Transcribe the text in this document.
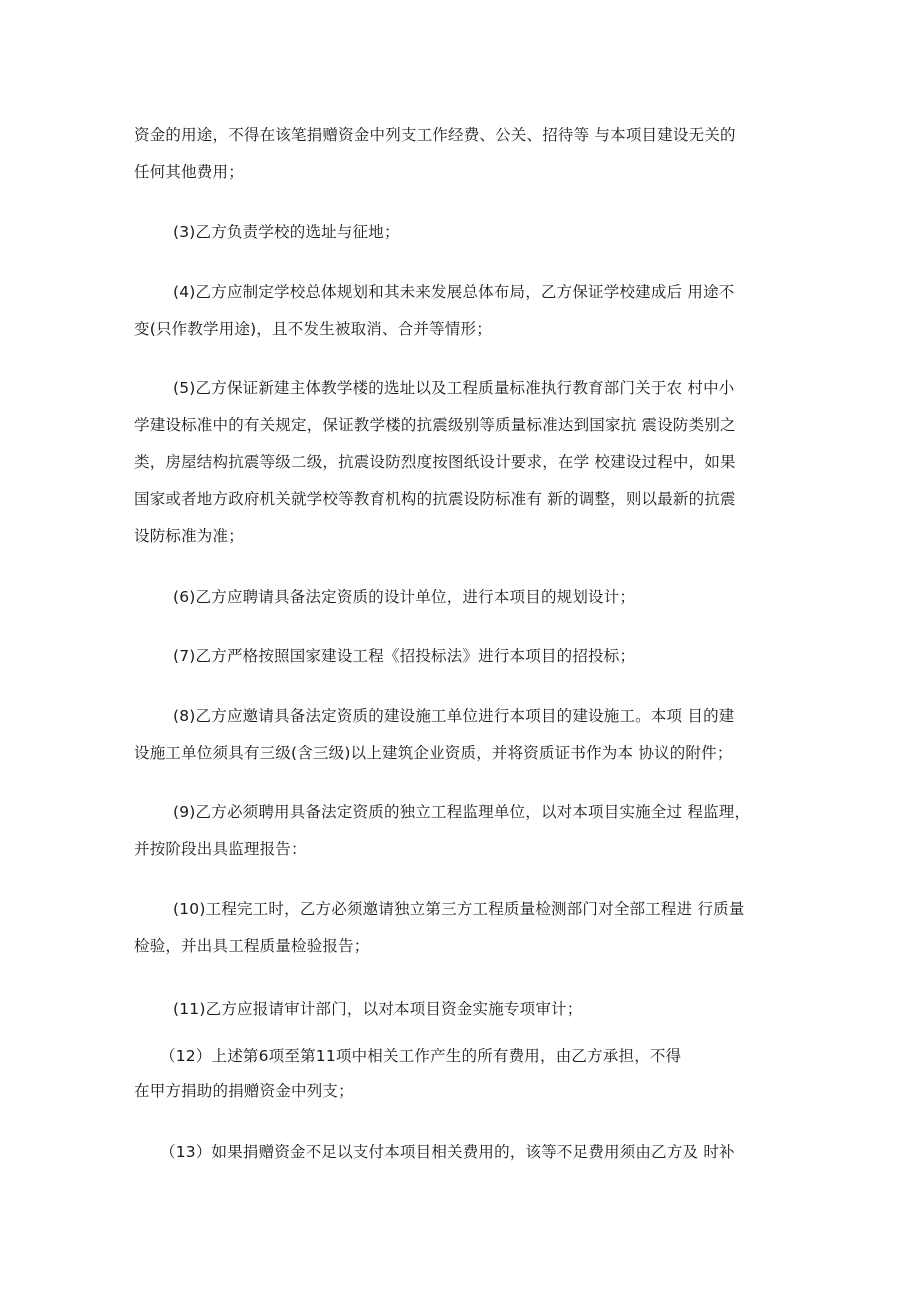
资金的用途，不得在该笔捐赠资金中列支工作经费、公关、招待等 与本项目建设无关的
任何其他费用；
(3)乙方负责学校的选址与征地；
(4)乙方应制定学校总体规划和其未来发展总体布局，乙方保证学校建成后 用途不
变(只作教学用途)，且不发生被取消、合并等情形；
(5)乙方保证新建主体教学楼的选址以及工程质量标准执行教育部门关于农 村中小
学建设标准中的有关规定，保证教学楼的抗震级别等质量标准达到国家抗 震设防类别之
类，房屋结构抗震等级二级，抗震设防烈度按图纸设计要求，在学 校建设过程中，如果
国家或者地方政府机关就学校等教育机构的抗震设防标准有 新的调整，则以最新的抗震
设防标准为准；
(6)乙方应聘请具备法定资质的设计单位，进行本项目的规划设计；
(7)乙方严格按照国家建设工程《招投标法》进行本项目的招投标；
(8)乙方应邀请具备法定资质的建设施工单位进行本项目的建设施工。本项 目的建
设施工单位须具有三级(含三级)以上建筑企业资质，并将资质证书作为本 协议的附件；
(9)乙方必须聘用具备法定资质的独立工程监理单位，以对本项目实施全过 程监理，
并按阶段出具监理报告：
(10)工程完工时，乙方必须邀请独立第三方工程质量检测部门对全部工程进 行质量
检验，并出具工程质量检验报告；
(11)乙方应报请审计部门，以对本项目资金实施专项审计；
（12）上述第6项至第11项中相关工作产生的所有费用，由乙方承担，不得
在甲方捐助的捐赠资金中列支；
（13）如果捐赠资金不足以支付本项目相关费用的，该等不足费用须由乙方及 时补
